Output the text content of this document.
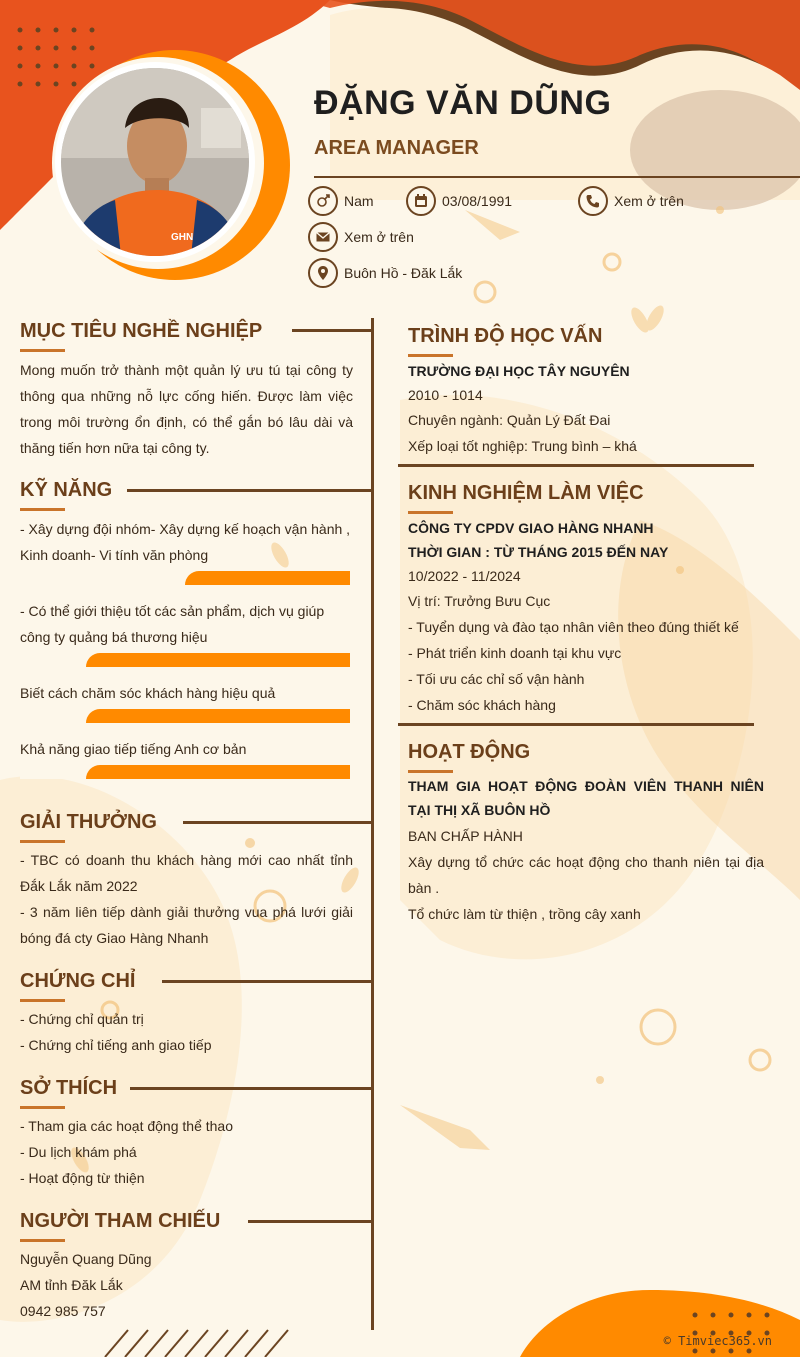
GHN
ĐẶNG VĂN DŨNG
AREA MANAGER
Nam	03/08/1991	Xem ở trên
Xem ở trên
Buôn Hồ - Đăk Lắk
MỤC TIÊU NGHỀ NGHIỆP
Mong muốn trở thành một quản lý ưu tú tại công ty thông qua những nỗ lực cống hiến. Được làm việc trong môi trường ổn định, có thể gắn bó lâu dài và thăng tiến hơn nữa tại công ty.
KỸ NĂNG
- Xây dựng đội nhóm- Xây dựng kế hoạch vận hành , Kinh doanh- Vi tính văn phòng
- Có thể giới thiệu tốt các sản phẩm, dịch vụ giúp công ty quảng bá thương hiệu
Biết cách chăm sóc khách hàng hiệu quả
Khả năng giao tiếp tiếng Anh cơ bản
GIẢI THƯỞNG
- TBC có doanh thu khách hàng mới cao nhất tỉnh Đắk Lắk năm 2022
- 3 năm liên tiếp dành giải thưởng vua phá lưới giải bóng đá cty Giao Hàng Nhanh
CHỨNG CHỈ
- Chứng chỉ quản trị
- Chứng chỉ tiếng anh giao tiếp
SỞ THÍCH
- Tham gia các hoạt động thể thao
- Du lịch khám phá
- Hoạt động từ thiện
NGƯỜI THAM CHIẾU
Nguyễn Quang Dũng
AM tỉnh Đăk Lắk
0942 985 757
TRÌNH ĐỘ HỌC VẤN
TRƯỜNG ĐẠI HỌC TÂY NGUYÊN
2010 - 1014
Chuyên ngành: Quản Lý Đất Đai
Xếp loại tốt nghiệp: Trung bình – khá
KINH NGHIỆM LÀM VIỆC
CÔNG TY CPDV GIAO HÀNG NHANH
THỜI GIAN : TỪ THÁNG 2015 ĐẾN NAY
10/2022 - 11/2024
Vị trí: Trưởng Bưu Cục
- Tuyển dụng và đào tạo nhân viên theo đúng thiết kế
- Phát triển kinh doanh tại khu vực
- Tối ưu các chỉ số vận hành
- Chăm sóc khách hàng
HOẠT ĐỘNG
THAM GIA HOẠT ĐỘNG ĐOÀN VIÊN THANH NIÊN TẠI THỊ XÃ BUÔN HỒ
BAN CHẤP HÀNH
Xây dựng tổ chức các hoạt động cho thanh niên tại địa bàn .
Tổ chức làm từ thiện , trồng cây xanh
© Timviec365.vn
